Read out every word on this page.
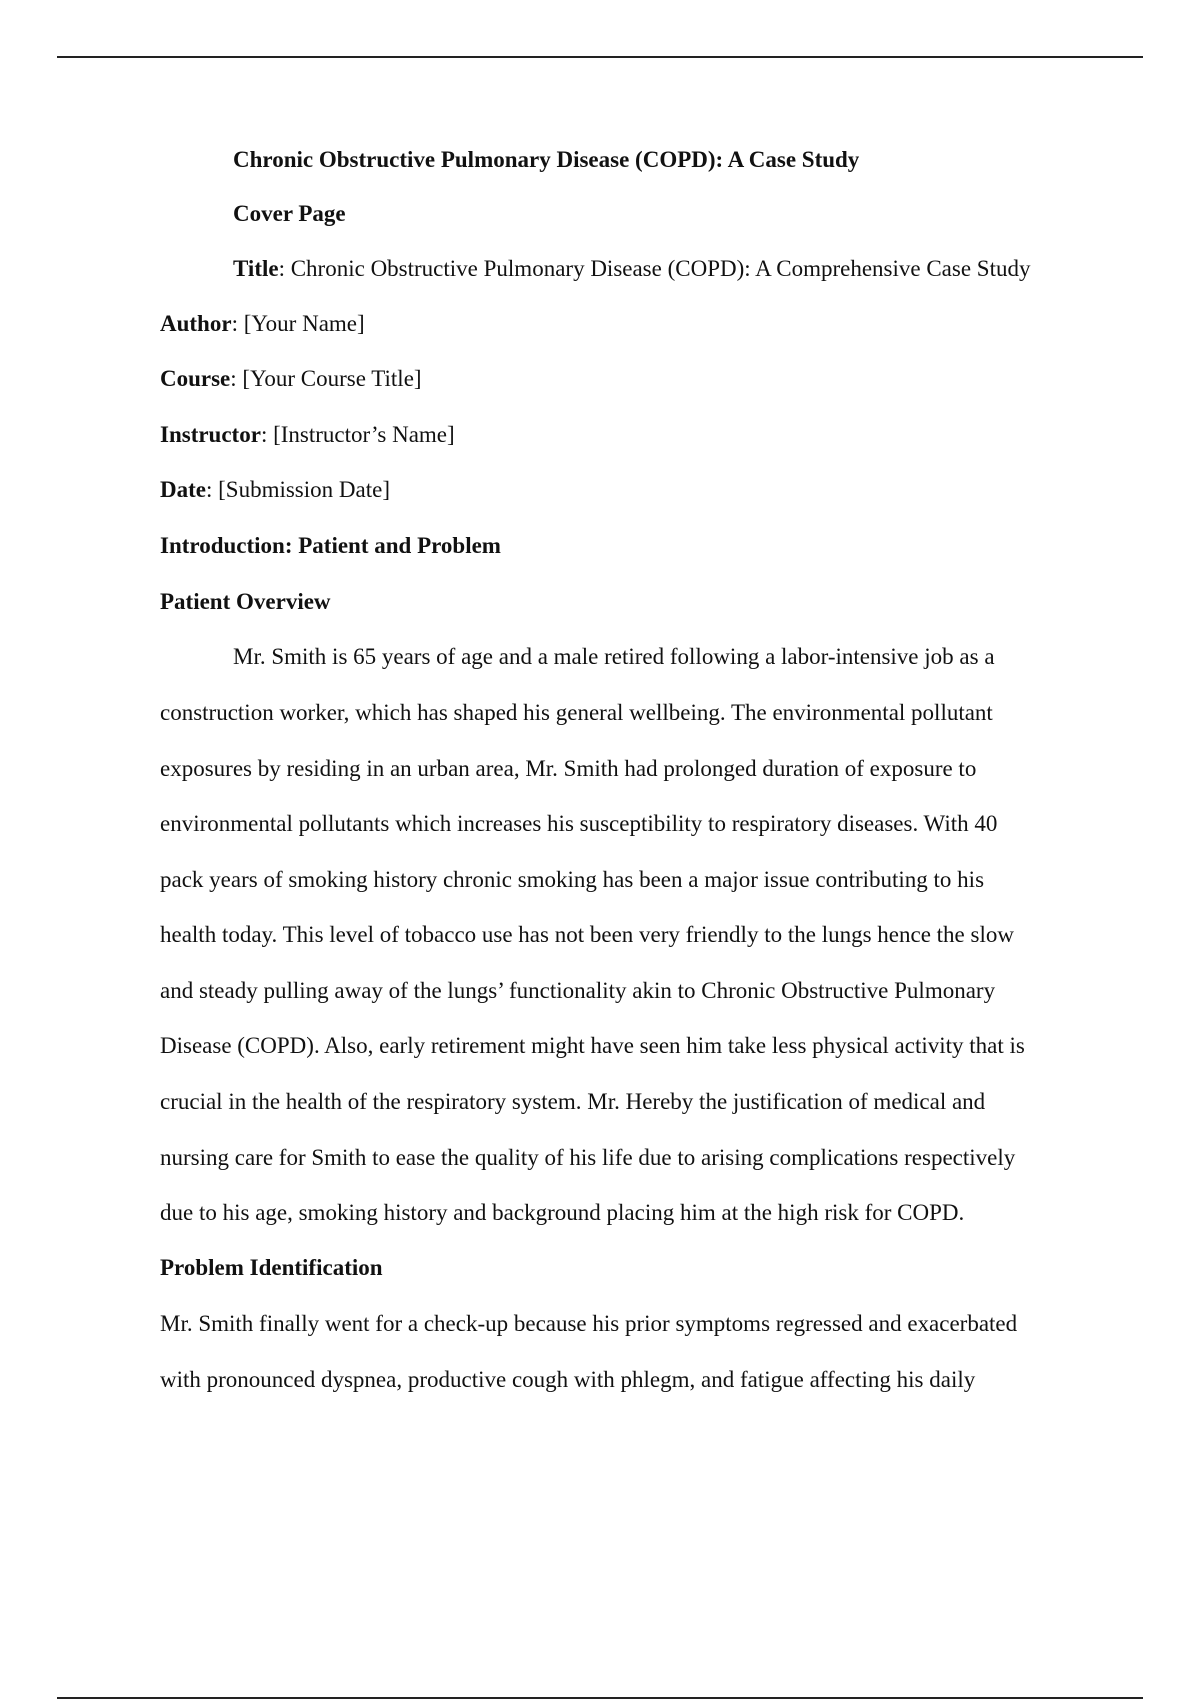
Chronic Obstructive Pulmonary Disease (COPD): A Case Study
Cover Page
Title: Chronic Obstructive Pulmonary Disease (COPD): A Comprehensive Case Study
Author: [Your Name]
Course: [Your Course Title]
Instructor: [Instructor’s Name]
Date: [Submission Date]
Introduction: Patient and Problem
Patient Overview
Mr. Smith is 65 years of age and a male retired following a labor-intensive job as a
construction worker, which has shaped his general wellbeing. The environmental pollutant
exposures by residing in an urban area, Mr. Smith had prolonged duration of exposure to
environmental pollutants which increases his susceptibility to respiratory diseases. With 40
pack years of smoking history chronic smoking has been a major issue contributing to his
health today. This level of tobacco use has not been very friendly to the lungs hence the slow
and steady pulling away of the lungs’ functionality akin to Chronic Obstructive Pulmonary
Disease (COPD). Also, early retirement might have seen him take less physical activity that is
crucial in the health of the respiratory system. Mr. Hereby the justification of medical and
nursing care for Smith to ease the quality of his life due to arising complications respectively
due to his age, smoking history and background placing him at the high risk for COPD.
Problem Identification
Mr. Smith finally went for a check-up because his prior symptoms regressed and exacerbated
with pronounced dyspnea, productive cough with phlegm, and fatigue affecting his daily
